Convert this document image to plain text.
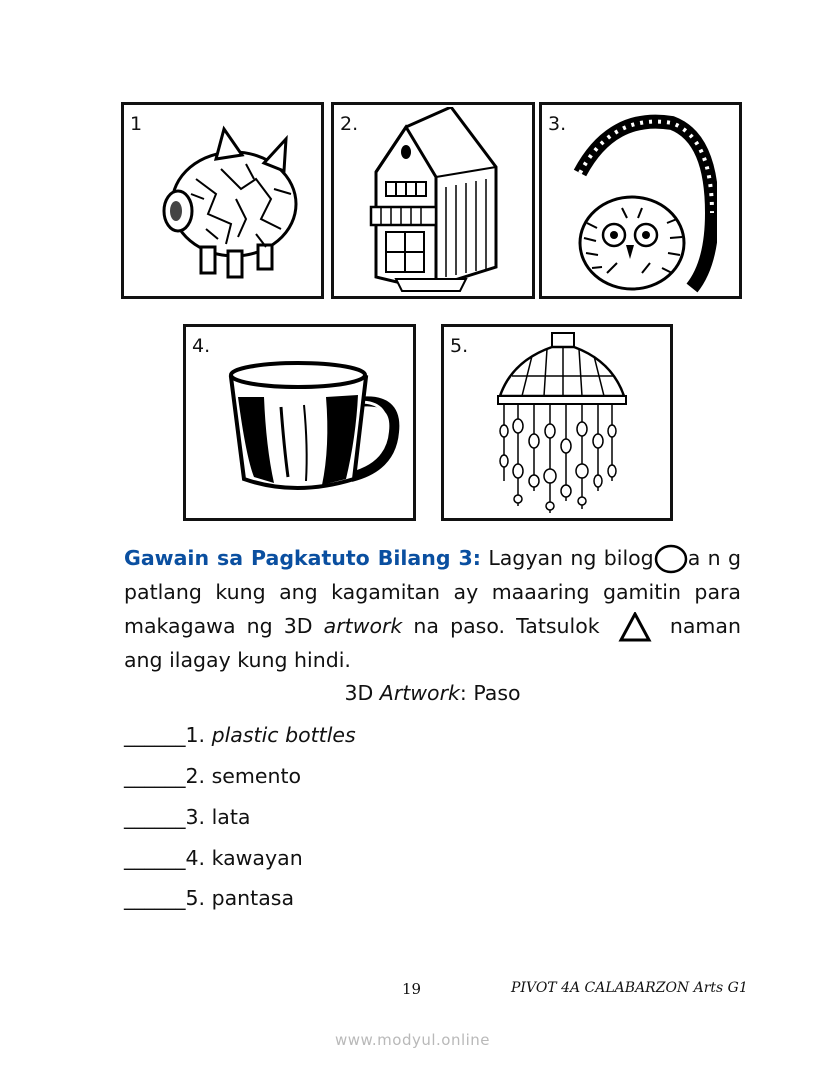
1	2.	3.
4.	5.
Gawain sa Pagkatuto Bilang 3: Lagyan ng bilog a n g patlang kung ang kagamitan ay maaaring gamitin para makagawa ng 3D artwork na paso. Tatsulok	naman ang ilagay kung hindi.
3D Artwork: Paso
______1. plastic bottles
______2. semento
______3. lata
______4. kawayan
______5. pantasa
19	PIVOT 4A CALABARZON Arts G1
www.modyul.online
